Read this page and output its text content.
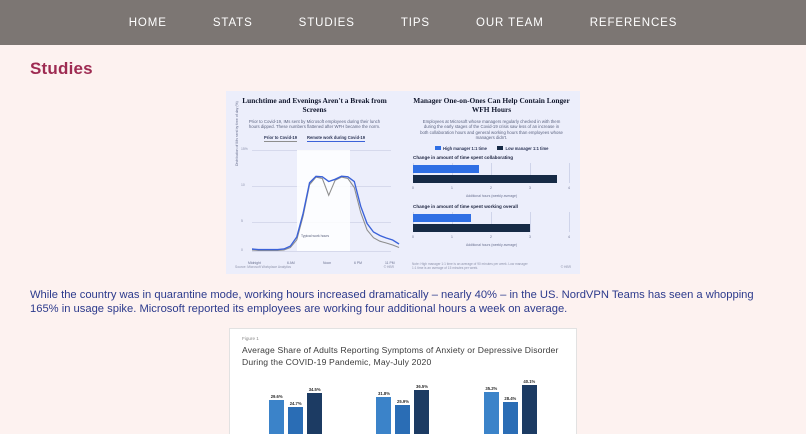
HOME	STATS	STUDIES	TIPS	OUR TEAM	REFERENCES
Studies
Lunchtime and Evenings Aren't a Break from Screens
Prior to Covid-19, IMs sent by Microsoft employees during their lunch hours dipped. These numbers flattened after WFH became the norm.
Prior to Covid-19 Remote work during Covid-19
Distribution of IMs sent by time of day (%) 15%
10
5
0
Typical work hours
Midnight	6 AM	Noon	6 PM	11 PM
Source: Microsoft Workplace Analytics	© HBR
Manager One-on-Ones Can Help Contain Longer WFH Hours
Employees at Microsoft whose managers regularly checked in with them during the early stages of the Covid-19 crisis saw less of an increase in both collaboration hours and general working hours than employees whose managers didn't.
High manager 1:1 time	Low manager 1:1 time
Change in amount of time spent collaborating
0	1	2	3	4
Additional hours (weekly average)
Change in amount of time spent working overall
0	1	2	3	4
Additional hours (weekly average)
Note: High manager 1:1 time is an average of 90 minutes per week. Low manager 1:1 time is an average of 15 minutes per week.	© HBR

While the country was in quarantine mode, working hours increased dramatically – nearly 40% – in the US. NordVPN Teams has seen a whopping 165% in usage spike. Microsoft reported its employees are working four additional hours a week on average.

Figure 1
Average Share of Adults Reporting Symptoms of Anxiety or Depressive Disorder During the COVID-19 Pandemic, May-July 2020
29.6%
24.7%
34.5%
31.8%
25.9%
36.5%	35.2%
28.4%
40.1%
